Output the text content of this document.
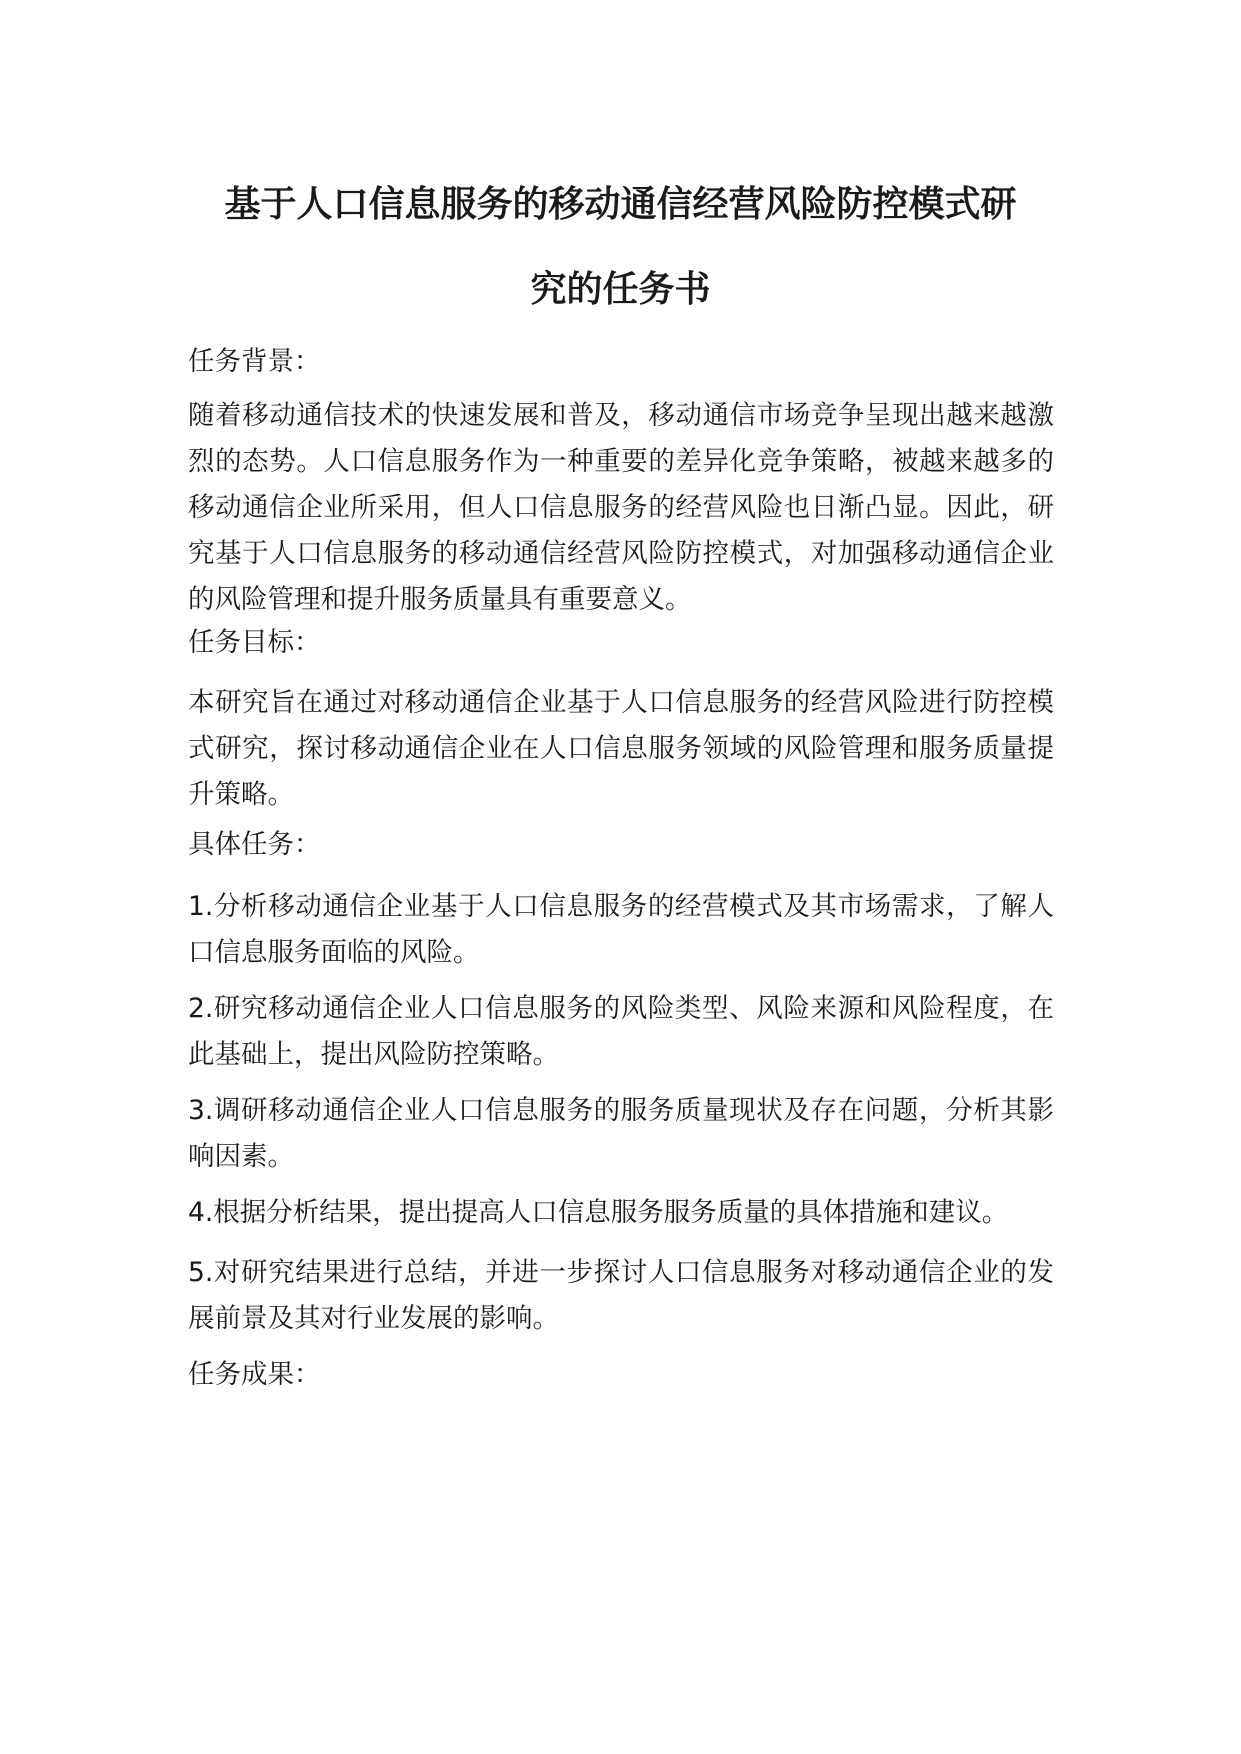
基于人口信息服务的移动通信经营风险防控模式研
究的任务书
任务背景：

随着移动通信技术的快速发展和普及，移动通信市场竞争呈现出越来越激烈的态势。人口信息服务作为一种重要的差异化竞争策略，被越来越多的移动通信企业所采用，但人口信息服务的经营风险也日渐凸显。因此，研究基于人口信息服务的移动通信经营风险防控模式，对加强移动通信企业的风险管理和提升服务质量具有重要意义。

任务目标：

本研究旨在通过对移动通信企业基于人口信息服务的经营风险进行防控模式研究，探讨移动通信企业在人口信息服务领域的风险管理和服务质量提升策略。

具体任务：

1.分析移动通信企业基于人口信息服务的经营模式及其市场需求，了解人口信息服务面临的风险。

2.研究移动通信企业人口信息服务的风险类型、风险来源和风险程度，在此基础上，提出风险防控策略。

3.调研移动通信企业人口信息服务的服务质量现状及存在问题，分析其影响因素。

4.根据分析结果，提出提高人口信息服务服务质量的具体措施和建议。

5.对研究结果进行总结，并进一步探讨人口信息服务对移动通信企业的发展前景及其对行业发展的影响。

任务成果：
